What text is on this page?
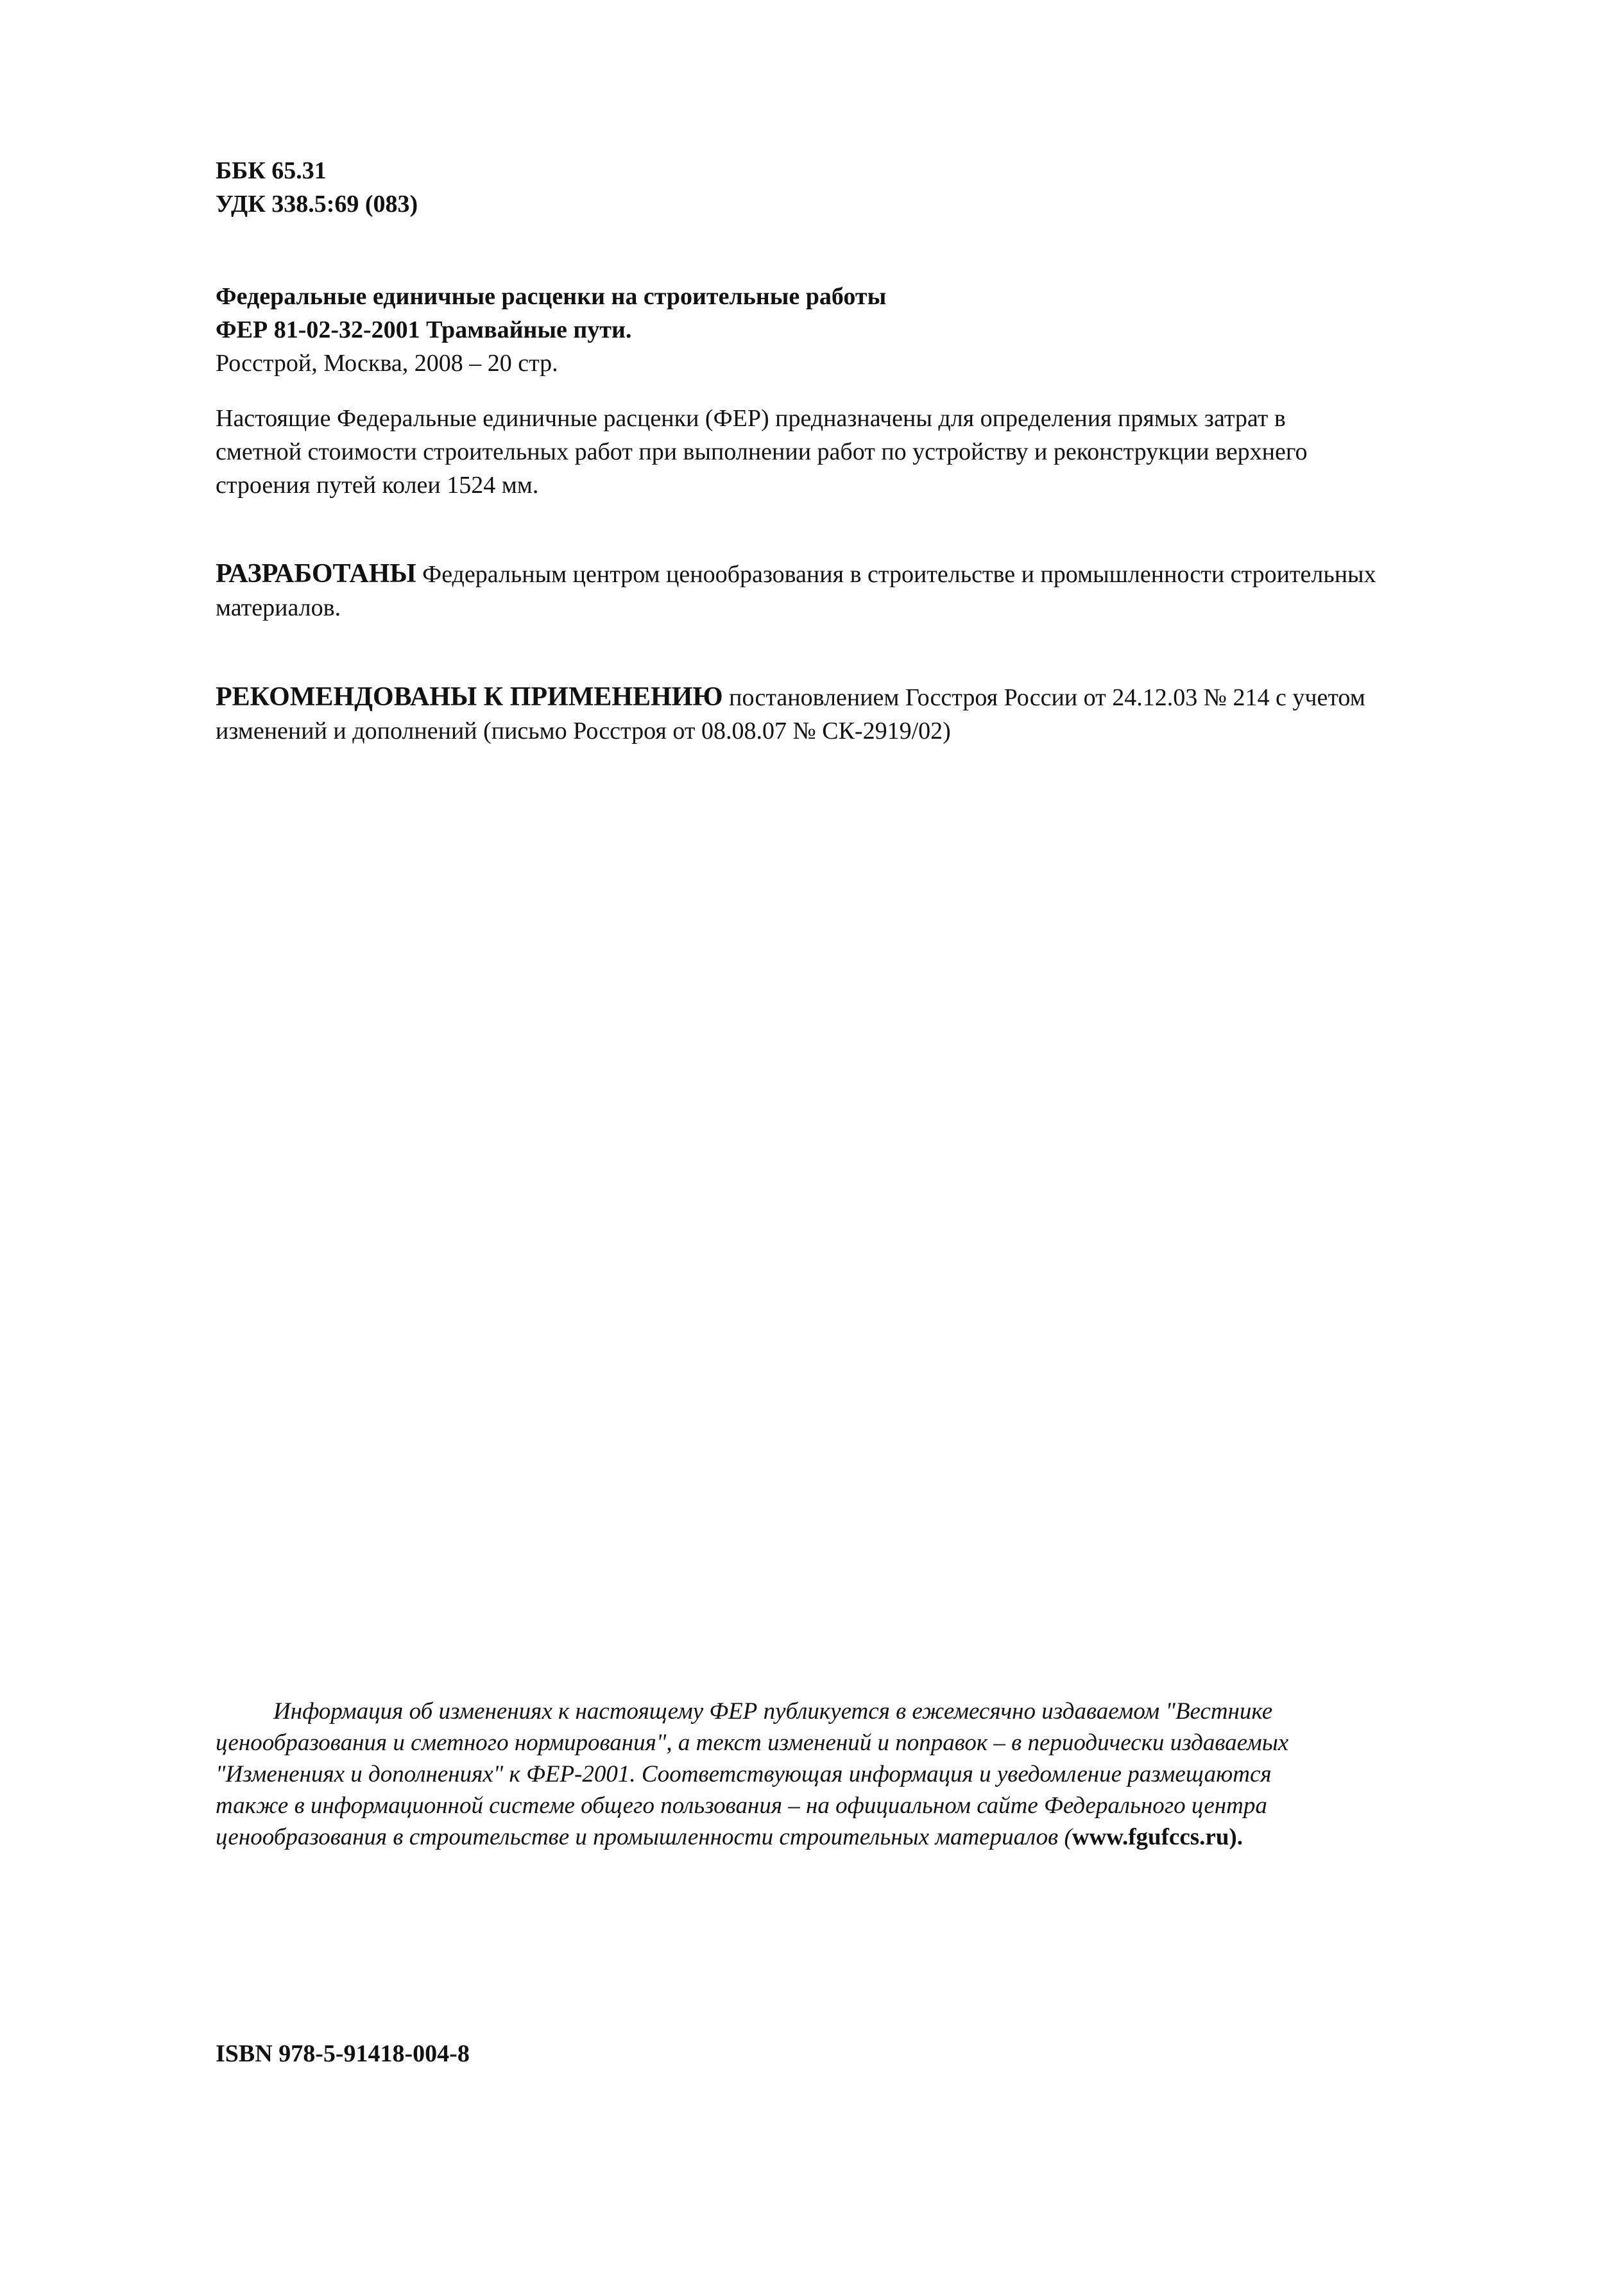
ББК 65.31
УДК 338.5:69 (083)
Федеральные единичные расценки на строительные работы
ФЕР 81-02-32-2001 Трамвайные пути.
Росстрой, Москва, 2008 – 20 стр.

Настоящие Федеральные единичные расценки (ФЕР) предназначены для определения прямых затрат в
сметной стоимости строительных работ при выполнении работ по устройству и реконструкции верхнего
строения путей колеи 1524 мм.

РАЗРАБОТАНЫ Федеральным центром ценообразования в строительстве и промышленности строительных
материалов.

РЕКОМЕНДОВАНЫ К ПРИМЕНЕНИЮ постановлением Госстроя России от 24.12.03 № 214 с учетом
изменений и дополнений (письмо Росстроя от 08.08.07 № СК-2919/02)

Информация об изменениях к настоящему ФЕР публикуется в ежемесячно издаваемом "Вестнике
ценообразования и сметного нормирования", а текст изменений и поправок – в периодически издаваемых
"Изменениях и дополнениях" к ФЕР-2001. Соответствующая информация и уведомление размещаются
также в информационной системе общего пользования – на официальном сайте Федерального центра
ценообразования в строительстве и промышленности строительных материалов (www.fgufccs.ru).
ISBN 978-5-91418-004-8
